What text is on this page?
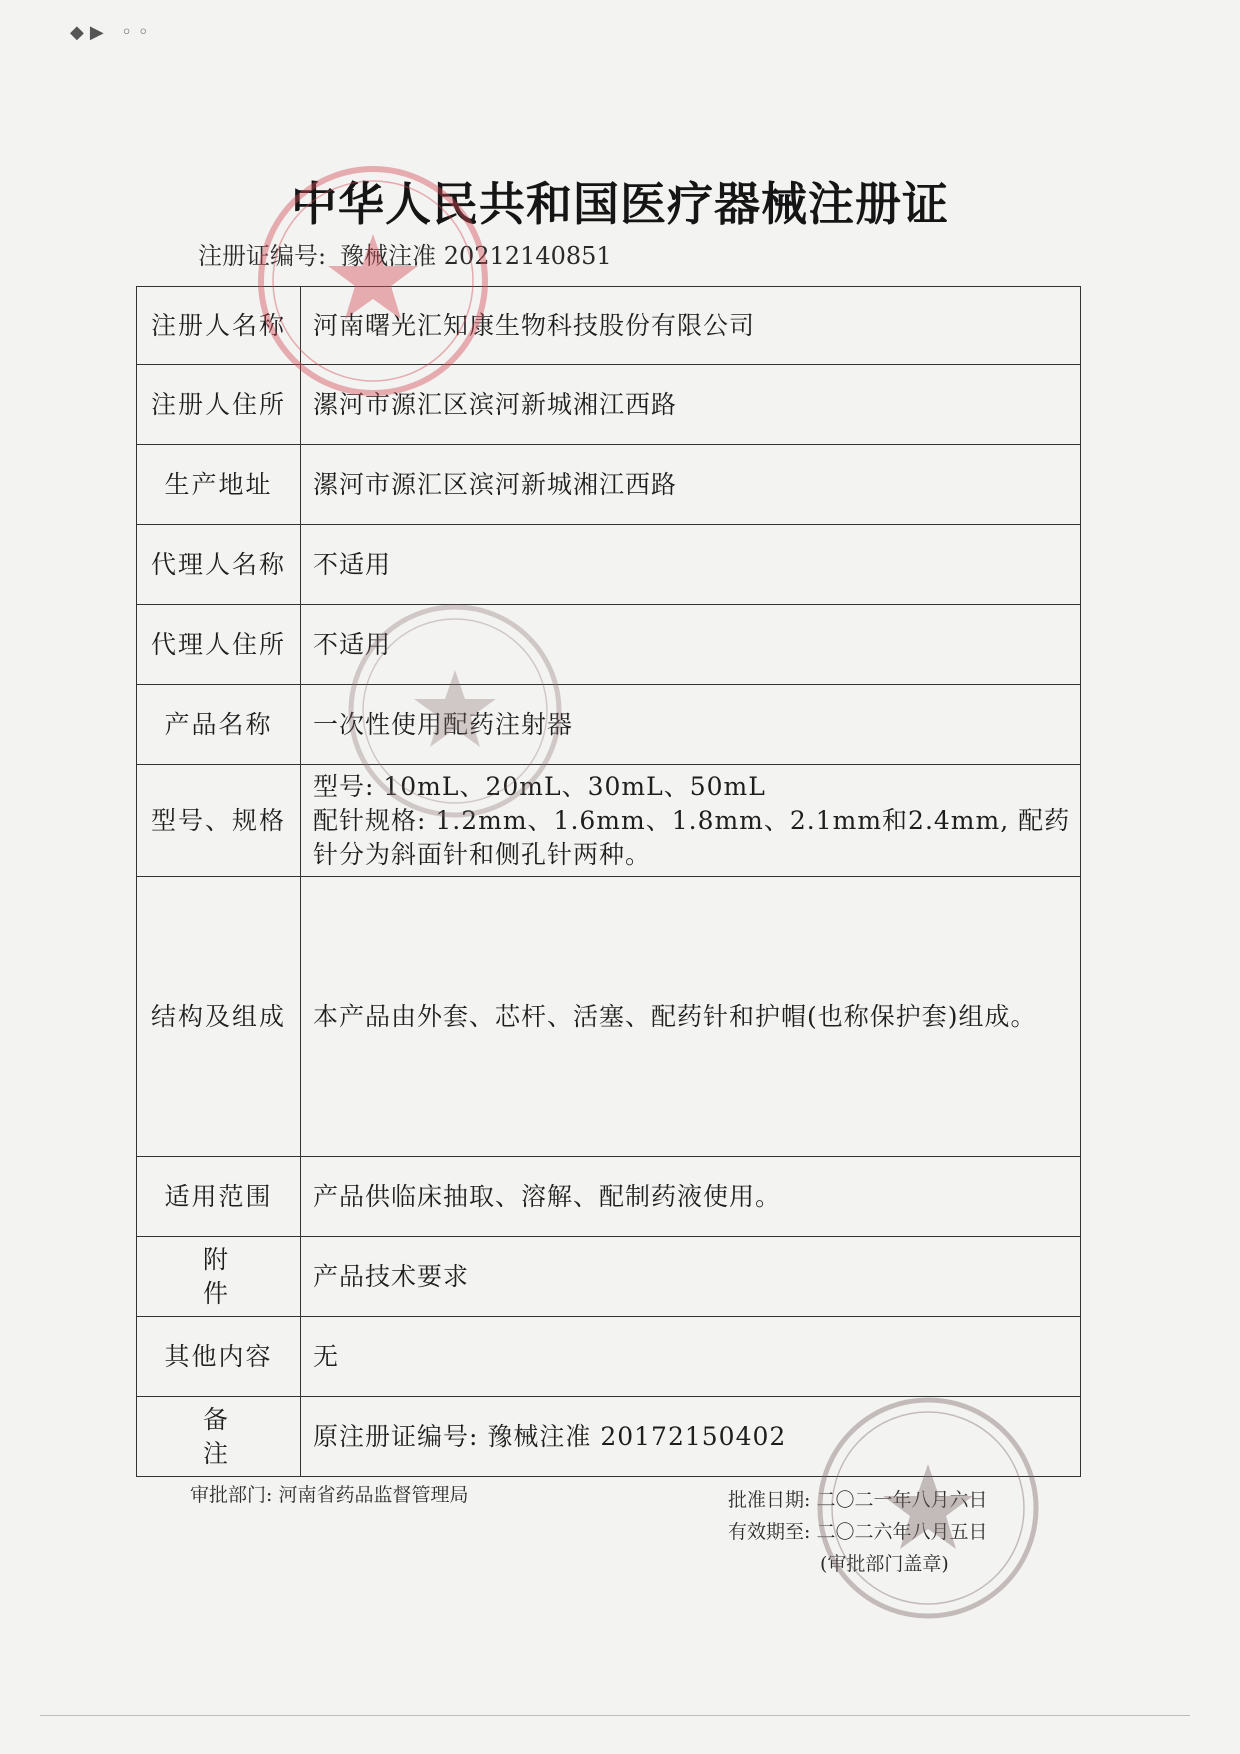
◆▶ ◦◦
中华人民共和国医疗器械注册证
注册证编号: 豫械注准 20212140851
注册人名称	河南曙光汇知康生物科技股份有限公司
注册人住所	漯河市源汇区滨河新城湘江西路
生产地址	漯河市源汇区滨河新城湘江西路
代理人名称	不适用
代理人住所	不适用
产品名称	一次性使用配药注射器
型号、规格	型号: 10mL、20mL、30mL、50mL
配针规格: 1.2mm、1.6mm、1.8mm、2.1mm和2.4mm, 配药针分为斜面针和侧孔针两种。

结构及组成	本产品由外套、芯杆、活塞、配药针和护帽(也称保护套)组成。
适用范围	产品供临床抽取、溶解、配制药液使用。
附　件	产品技术要求
其他内容	无
备　注	原注册证编号: 豫械注准 20172150402
审批部门: 河南省药品监督管理局	批准日期: 二〇二一年八月六日
有效期至: 二〇二六年八月五日
(审批部门盖章)
